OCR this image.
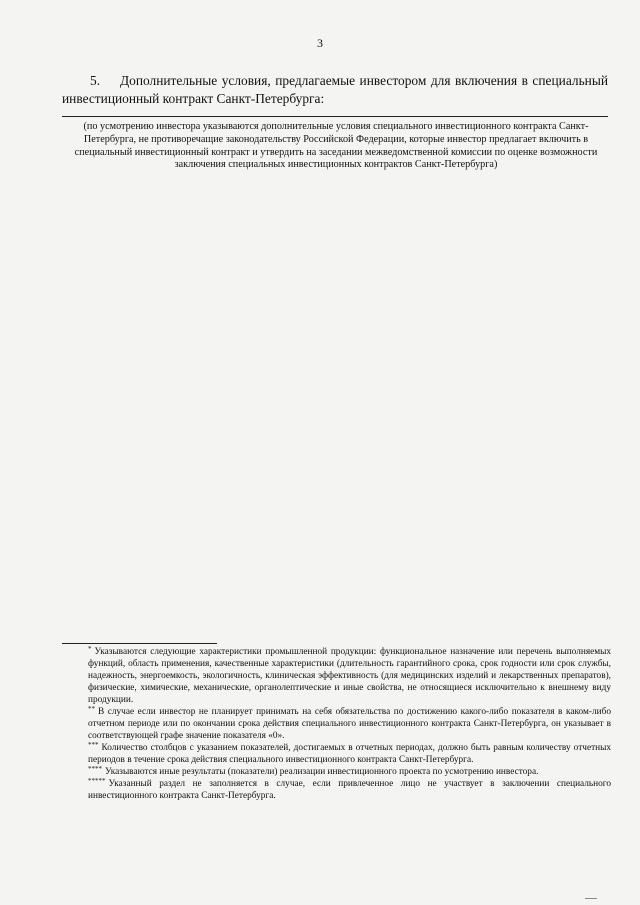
3
5. Дополнительные условия, предлагаемые инвестором для включения в специальный инвестиционный контракт Санкт-Петербурга:
(по усмотрению инвестора указываются дополнительные условия специального инвестиционного контракта Санкт-Петербурга, не противоречащие законодательству Российской Федерации, которые инвестор предлагает включить в специальный инвестиционный контракт и утвердить на заседании межведомственной комиссии по оценке возможности заключения специальных инвестиционных контрактов Санкт-Петербурга)

* Указываются следующие характеристики промышленной продукции: функциональное назначение или перечень выполняемых функций, область применения, качественные характеристики (длительность гарантийного срока, срок годности или срок службы, надежность, энергоемкость, экологичность, клиническая эффективность (для медицинских изделий и лекарственных препаратов), физические, химические, механические, органолептические и иные свойства, не относящиеся исключительно к внешнему виду продукции.

** В случае если инвестор не планирует принимать на себя обязательства по достижению какого-либо показателя в каком-либо отчетном периоде или по окончании срока действия специального инвестиционного контракта Санкт-Петербурга, он указывает в соответствующей графе значение показателя «0».

*** Количество столбцов с указанием показателей, достигаемых в отчетных периодах, должно быть равным количеству отчетных периодов в течение срока действия специального инвестиционного контракта Санкт-Петербурга.

**** Указываются иные результаты (показатели) реализации инвестиционного проекта по усмотрению инвестора.

***** Указанный раздел не заполняется в случае, если привлеченное лицо не участвует в заключении специального инвестиционного контракта Санкт-Петербурга.
